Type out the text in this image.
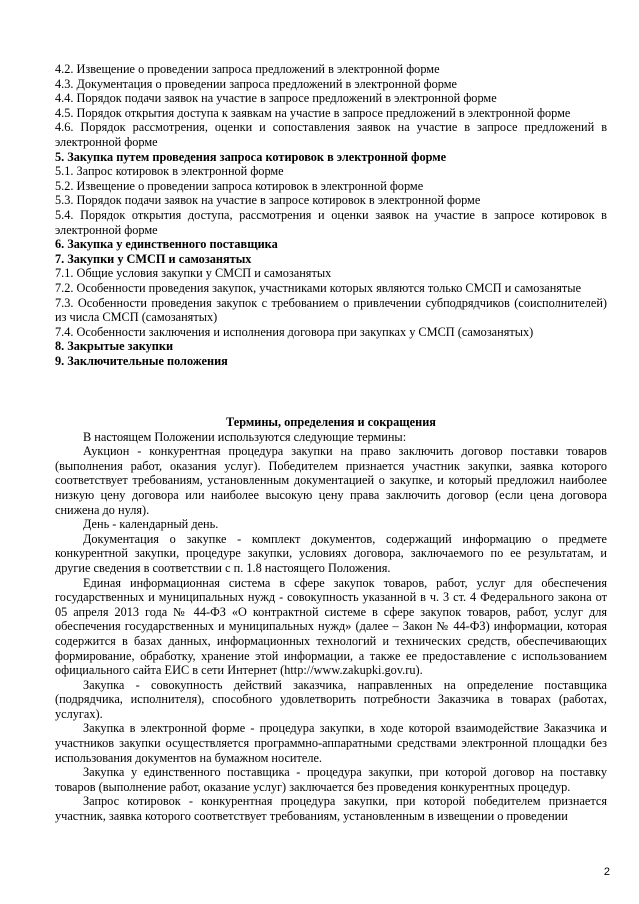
4.2. Извещение о проведении запроса предложений в электронной форме

4.3. Документация о проведении запроса предложений в электронной форме

4.4. Порядок подачи заявок на участие в запросе предложений в электронной форме

4.5. Порядок открытия доступа к заявкам на участие в запросе предложений в электронной форме

4.6. Порядок рассмотрения, оценки и сопоставления заявок на участие в запросе предложений в электронной форме

5. Закупка путем проведения запроса котировок в электронной форме

5.1. Запрос котировок в электронной форме

5.2. Извещение о проведении запроса котировок в электронной форме

5.3. Порядок подачи заявок на участие в запросе котировок в электронной форме

5.4. Порядок открытия доступа, рассмотрения и оценки заявок на участие в запросе котировок в электронной форме

6. Закупка у единственного поставщика

7. Закупки у СМСП и самозанятых

7.1. Общие условия закупки у СМСП и самозанятых

7.2. Особенности проведения закупок, участниками которых являются только СМСП и самозанятые

7.3. Особенности проведения закупок с требованием о привлечении субподрядчиков (соисполнителей) из числа СМСП (самозанятых)

7.4. Особенности заключения и исполнения договора при закупках у СМСП (самозанятых)

8. Закрытые закупки

9. Заключительные положения

Термины, определения и сокращения

В настоящем Положении используются следующие термины:

Аукцион - конкурентная процедура закупки на право заключить договор поставки товаров (выполнения работ, оказания услуг). Победителем признается участник закупки, заявка которого соответствует требованиям, установленным документацией о закупке, и который предложил наиболее низкую цену договора или наиболее высокую цену права заключить договор (если цена договора снижена до нуля).

День - календарный день.

Документация о закупке - комплект документов, содержащий информацию о предмете конкурентной закупки, процедуре закупки, условиях договора, заключаемого по ее результатам, и другие сведения в соответствии с п. 1.8 настоящего Положения.

Единая информационная система в сфере закупок товаров, работ, услуг для обеспечения государственных и муниципальных нужд - совокупность указанной в ч. 3 ст. 4 Федерального закона от 05 апреля 2013 года № 44-ФЗ «О контрактной системе в сфере закупок товаров, работ, услуг для обеспечения государственных и муниципальных нужд» (далее – Закон № 44-ФЗ) информации, которая содержится в базах данных, информационных технологий и технических средств, обеспечивающих формирование, обработку, хранение этой информации, а также ее предоставление с использованием официального сайта ЕИС в сети Интернет (http://www.zakupki.gov.ru).

Закупка - совокупность действий заказчика, направленных на определение поставщика (подрядчика, исполнителя), способного удовлетворить потребности Заказчика в товарах (работах, услугах).

Закупка в электронной форме - процедура закупки, в ходе которой взаимодействие Заказчика и участников закупки осуществляется программно-аппаратными средствами электронной площадки без использования документов на бумажном носителе.

Закупка у единственного поставщика - процедура закупки, при которой договор на поставку товаров (выполнение работ, оказание услуг) заключается без проведения конкурентных процедур.

Запрос котировок - конкурентная процедура закупки, при которой победителем признается участник, заявка которого соответствует требованиям, установленным в извещении о проведении

2
